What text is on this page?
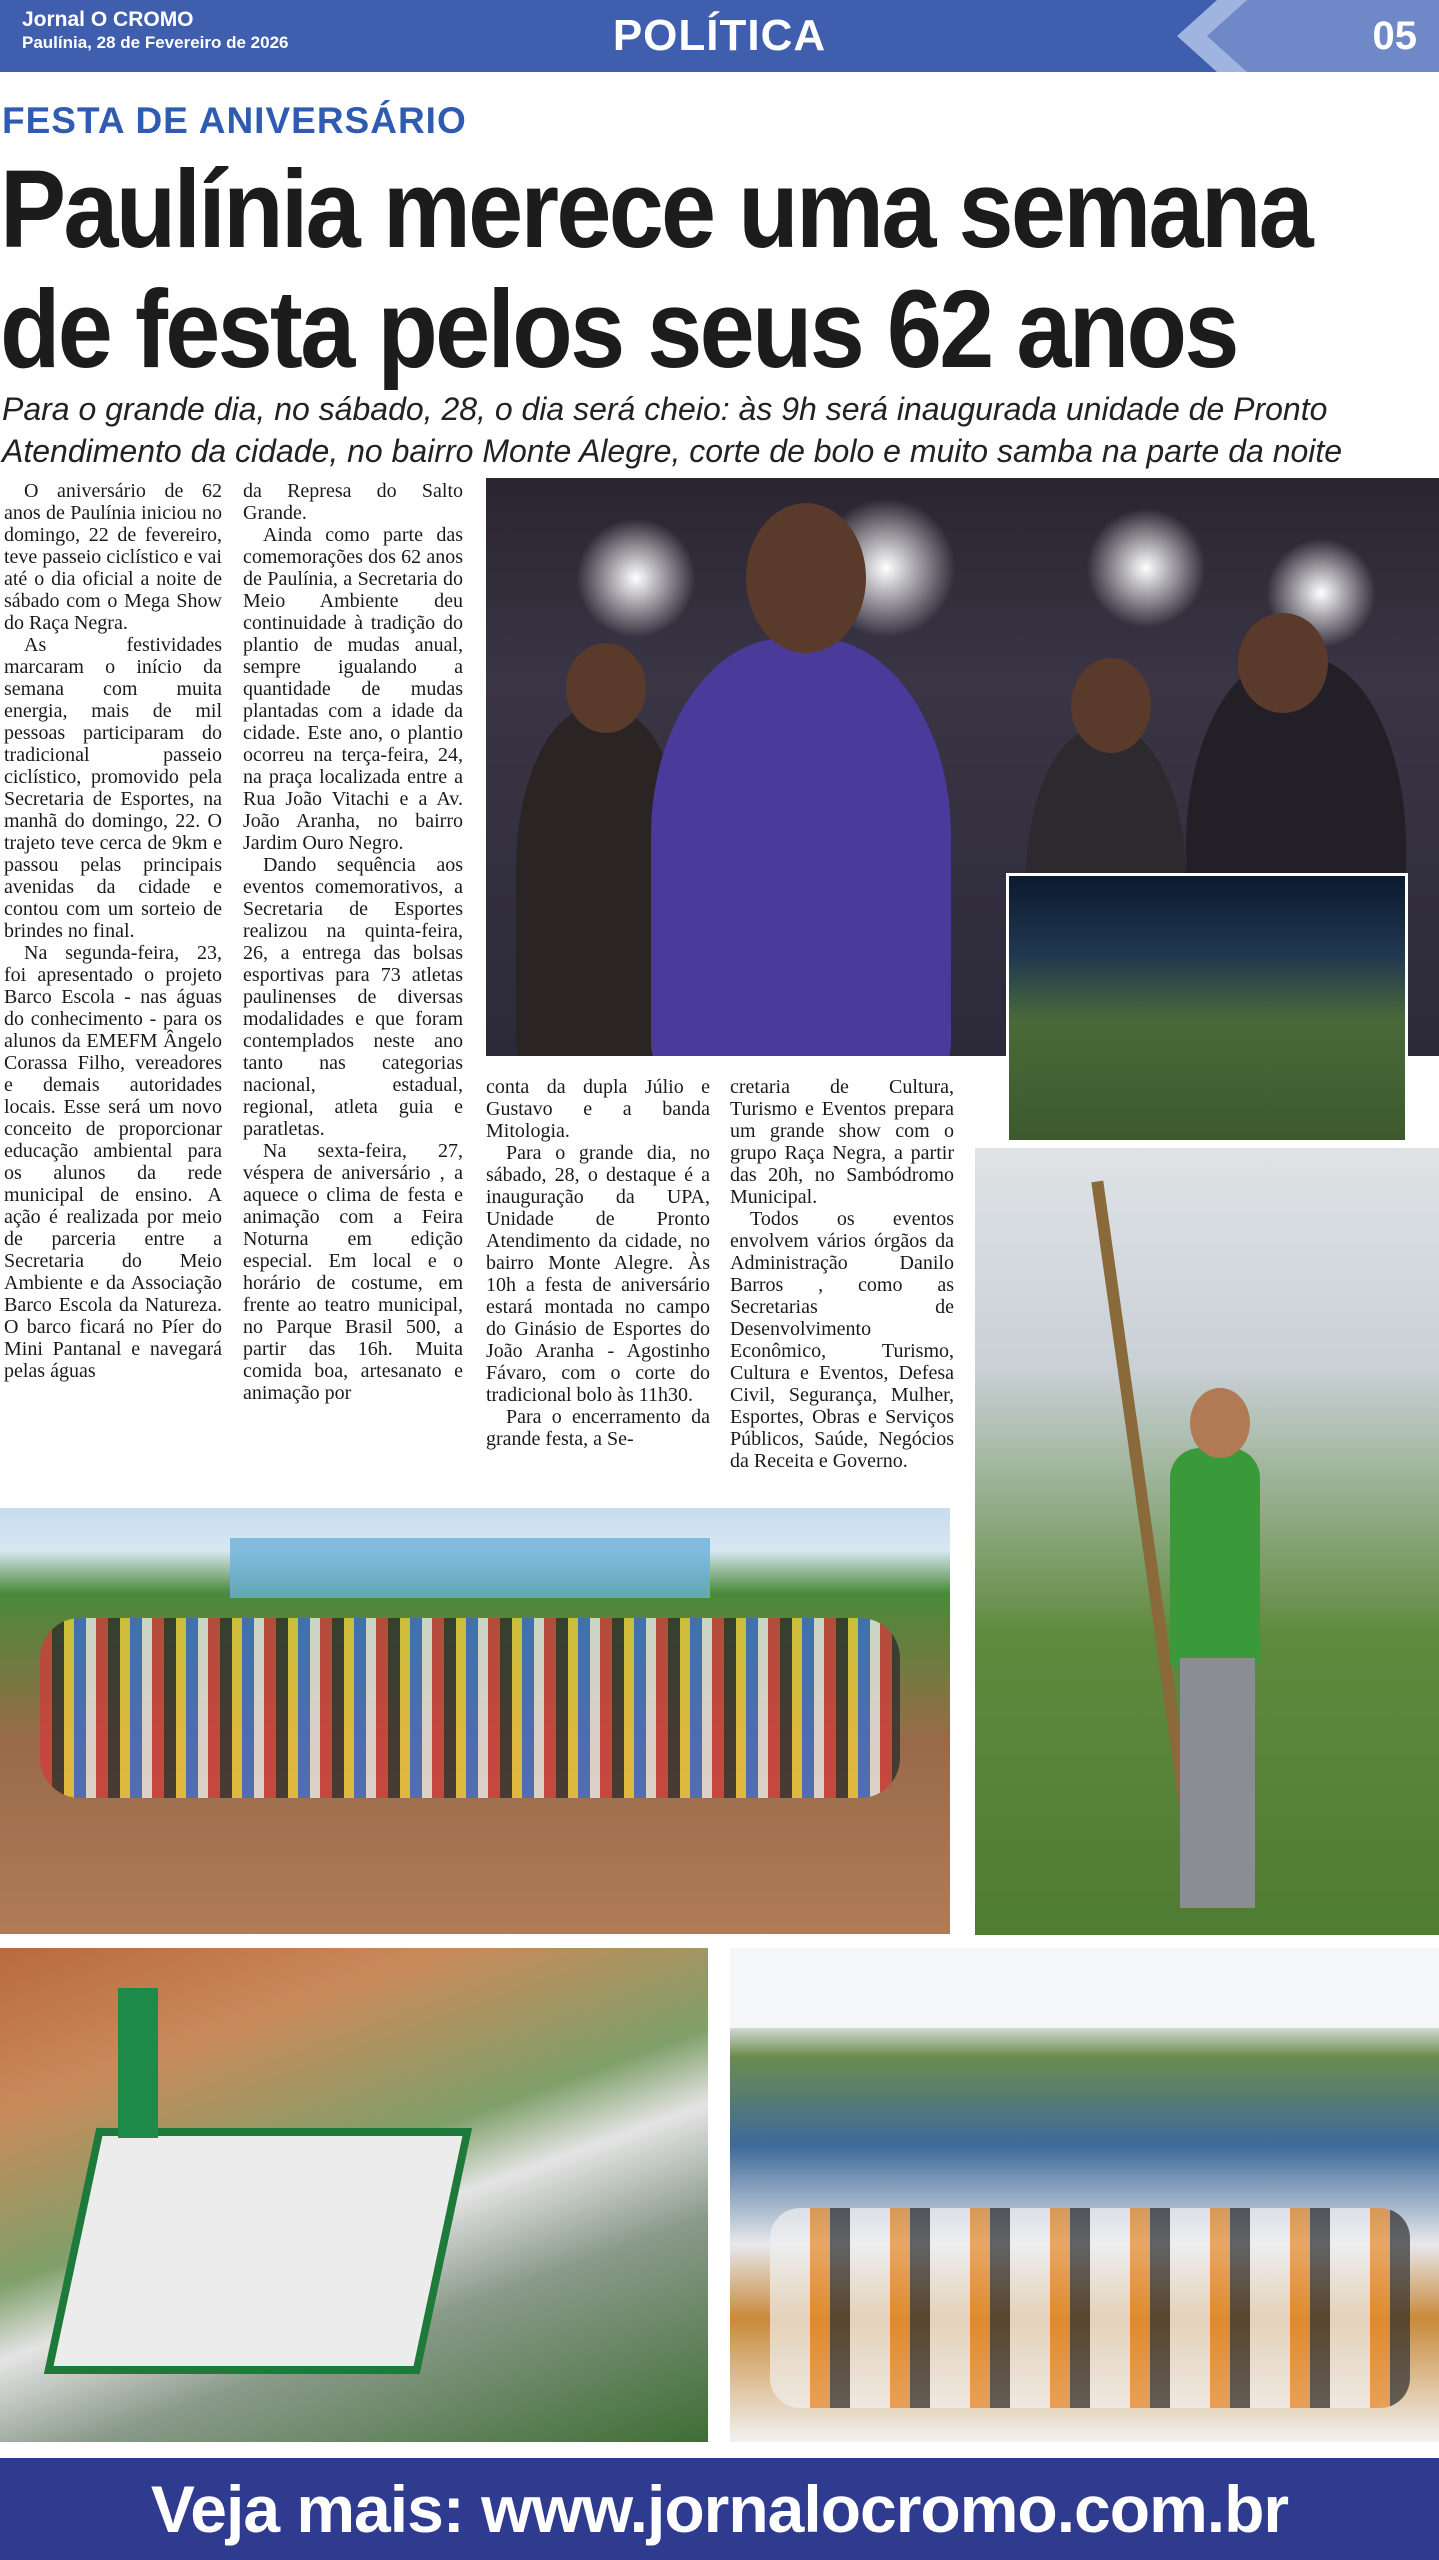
Jornal O CROMO
Paulínia, 28 de Fevereiro de 2026	POLÍTICA	05
FESTA DE ANIVERSÁRIO
Paulínia merece uma semana
de festa pelos seus 62 anos
Para o grande dia, no sábado, 28, o dia será cheio: às 9h será inaugurada unidade de Pronto Atendimento da cidade, no bairro Monte Alegre, corte de bolo e muito samba na parte da noite

O aniversário de 62 anos de Paulínia iniciou no domingo, 22 de fevereiro, teve passeio ciclístico e vai até o dia oficial a noite de sábado com o Mega Show do Raça Negra.

As festividades marcaram o início da semana com muita energia, mais de mil pessoas participaram do tradicional passeio ciclístico, promovido pela Secretaria de Esportes, na manhã do domingo, 22. O trajeto teve cerca de 9km e passou pelas principais avenidas da cidade e contou com um sorteio de brindes no final.

Na segunda-feira, 23, foi apresentado o projeto Barco Escola - nas águas do conhecimento - para os alunos da EMEFM Ângelo Corassa Filho, vereadores e demais autoridades locais. Esse será um novo conceito de proporcionar educação ambiental para os alunos da rede municipal de ensino. A ação é realizada por meio de parceria entre a Secretaria do Meio Ambiente e da Associação Barco Escola da Natureza. O barco ficará no Píer do Mini Pantanal e navegará pelas águas

da Represa do Salto Grande.

Ainda como parte das comemorações dos 62 anos de Paulínia, a Secretaria do Meio Ambiente deu continuidade à tradição do plantio de mudas anual, sempre igualando a quantidade de mudas plantadas com a idade da cidade. Este ano, o plantio ocorreu na terça-feira, 24, na praça localizada entre a Rua João Vitachi e a Av. João Aranha, no bairro Jardim Ouro Negro.

Dando sequência aos eventos comemorativos, a Secretaria de Esportes realizou na quinta-feira, 26, a entrega das bolsas esportivas para 73 atletas paulinenses de diversas modalidades e que foram contemplados neste ano tanto nas categorias nacional, estadual, regional, atleta guia e paratletas.

Na sexta-feira, 27, véspera de aniversário , a aquece o clima de festa e animação com a Feira Noturna em edição especial. Em local e o horário de costume, em frente ao teatro municipal, no Parque Brasil 500, a partir das 16h. Muita comida boa, artesanato e animação por

conta da dupla Júlio e Gustavo e a banda Mitologia.

Para o grande dia, no sábado, 28, o destaque é a inauguração da UPA, Unidade de Pronto Atendimento da cidade, no bairro Monte Alegre. Às 10h a festa de aniversário estará montada no campo do Ginásio de Esportes do João Aranha - Agostinho Fávaro, com o corte do tradicional bolo às 11h30.

Para o encerramento da grande festa, a Se-

cretaria de Cultura, Turismo e Eventos prepara um grande show com o grupo Raça Negra, a partir das 20h, no Sambódromo Municipal.

Todos os eventos envolvem vários órgãos da Administração Danilo Barros , como as Secretarias de Desenvolvimento Econômico, Turismo, Cultura e Eventos, Defesa Civil, Segurança, Mulher, Esportes, Obras e Serviços Públicos, Saúde, Negócios da Receita e Governo.

Veja mais: www.jornalocromo.com.br
